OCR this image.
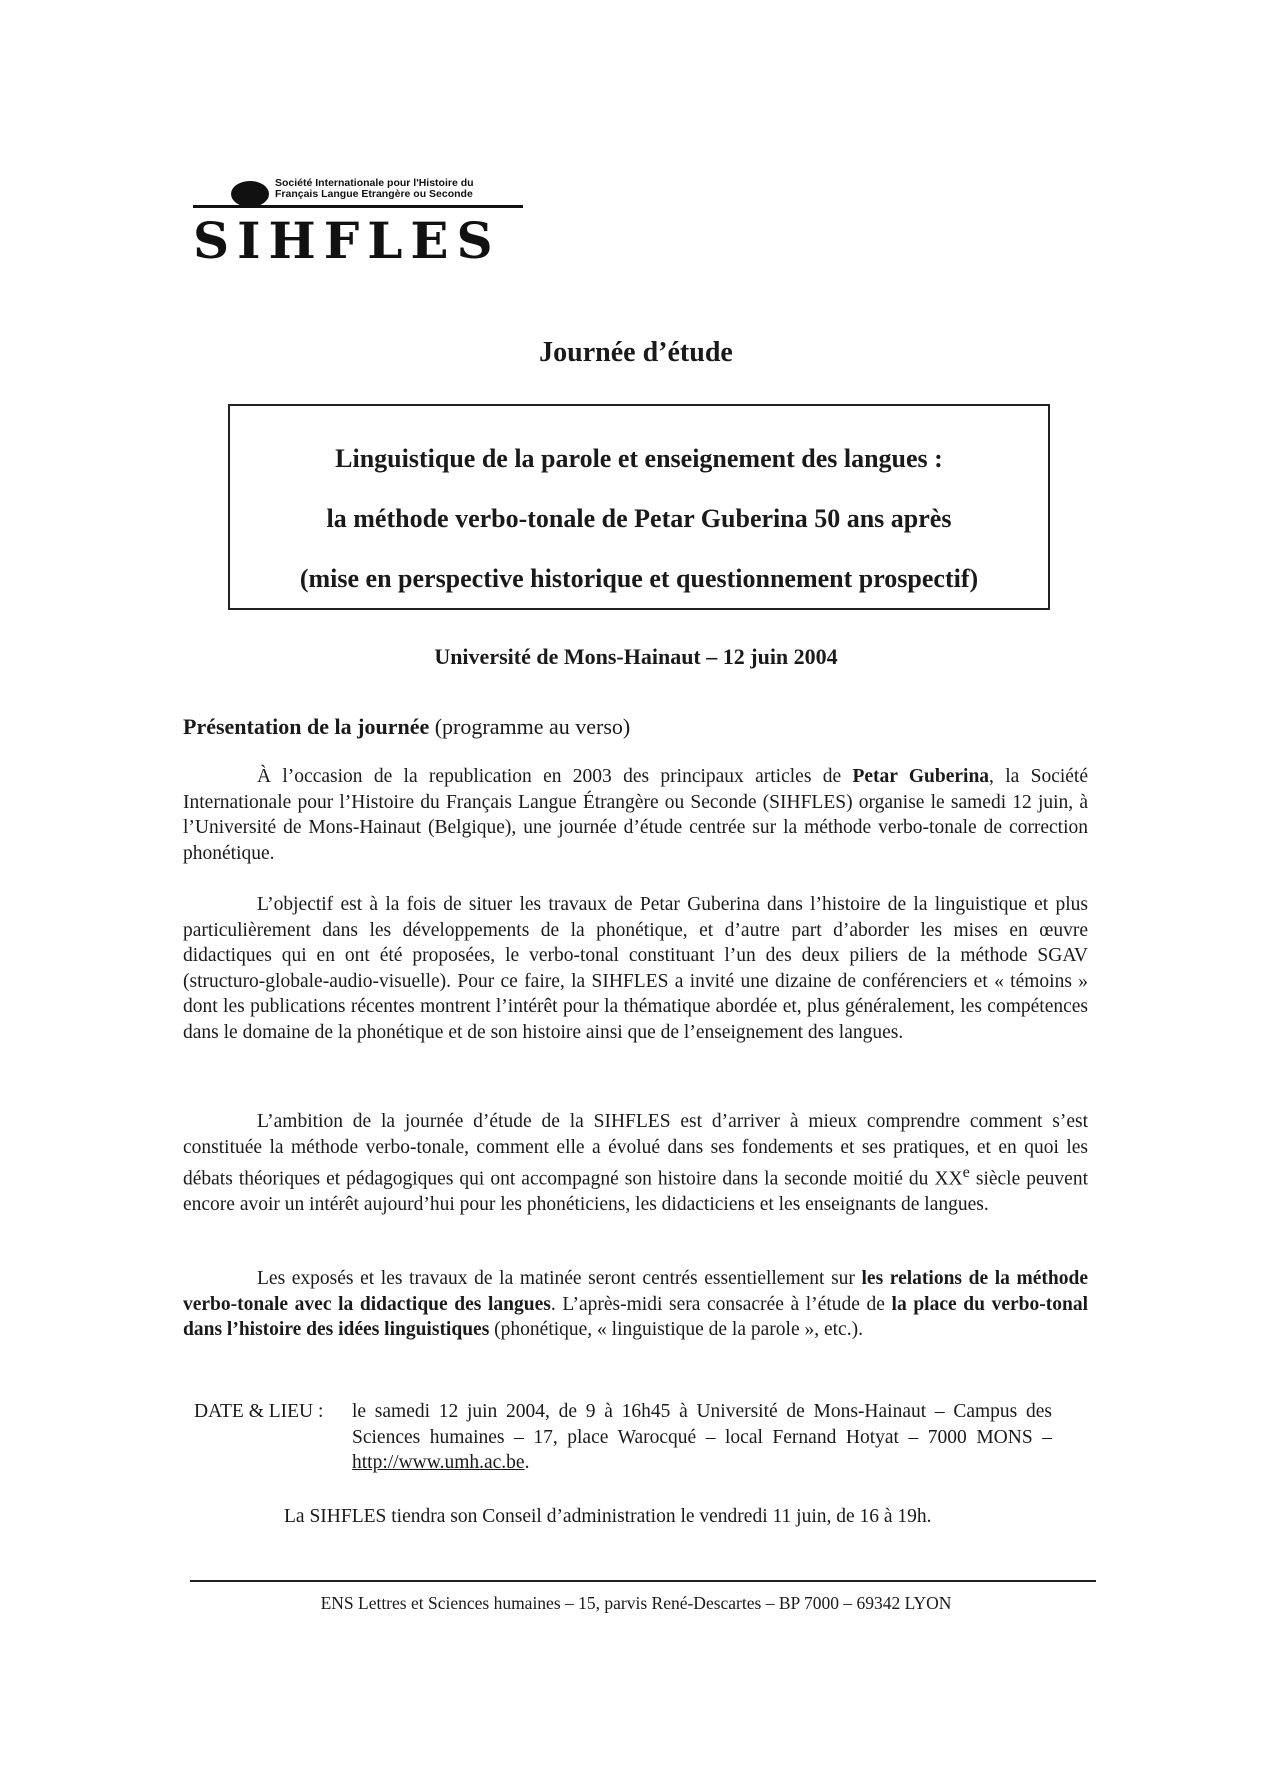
Société Internationale pour l'Histoire du
Français Langue Etrangère ou Seconde
SIHFLES
Journée d’étude
Linguistique de la parole et enseignement des langues :
la méthode verbo-tonale de Petar Guberina 50 ans après
(mise en perspective historique et questionnement prospectif)
Université de Mons-Hainaut – 12 juin 2004
Présentation de la journée (programme au verso)
À l’occasion de la republication en 2003 des principaux articles de Petar Guberina, la Société Internationale pour l’Histoire du Français Langue Étrangère ou Seconde (SIHFLES) organise le samedi 12 juin, à l’Université de Mons-Hainaut (Belgique), une journée d’étude centrée sur la méthode verbo-tonale de correction phonétique.
L’objectif est à la fois de situer les travaux de Petar Guberina dans l’histoire de la linguistique et plus particulièrement dans les développements de la phonétique, et d’autre part d’aborder les mises en œuvre didactiques qui en ont été proposées, le verbo-tonal constituant l’un des deux piliers de la méthode SGAV (structuro-globale-audio-visuelle). Pour ce faire, la SIHFLES a invité une dizaine de conférenciers et « témoins » dont les publications récentes montrent l’intérêt pour la thématique abordée et, plus généralement, les compétences dans le domaine de la phonétique et de son histoire ainsi que de l’enseignement des langues.
L’ambition de la journée d’étude de la SIHFLES est d’arriver à mieux comprendre comment s’est constituée la méthode verbo-tonale, comment elle a évolué dans ses fondements et ses pratiques, et en quoi les débats théoriques et pédagogiques qui ont accompagné son histoire dans la seconde moitié du XXe siècle peuvent encore avoir un intérêt aujourd’hui pour les phonéticiens, les didacticiens et les enseignants de langues.
Les exposés et les travaux de la matinée seront centrés essentiellement sur les relations de la méthode verbo-tonale avec la didactique des langues. L’après-midi sera consacrée à l’étude de la place du verbo-tonal dans l’histoire des idées linguistiques (phonétique, « linguistique de la parole », etc.).
DATE & LIEU : le samedi 12 juin 2004, de 9 à 16h45 à Université de Mons-Hainaut – Campus des Sciences humaines – 17, place Warocqué – local Fernand Hotyat – 7000 MONS – http://www.umh.ac.be.
La SIHFLES tiendra son Conseil d’administration le vendredi 11 juin, de 16 à 19h.
ENS Lettres et Sciences humaines – 15, parvis René-Descartes – BP 7000 – 69342 LYON
